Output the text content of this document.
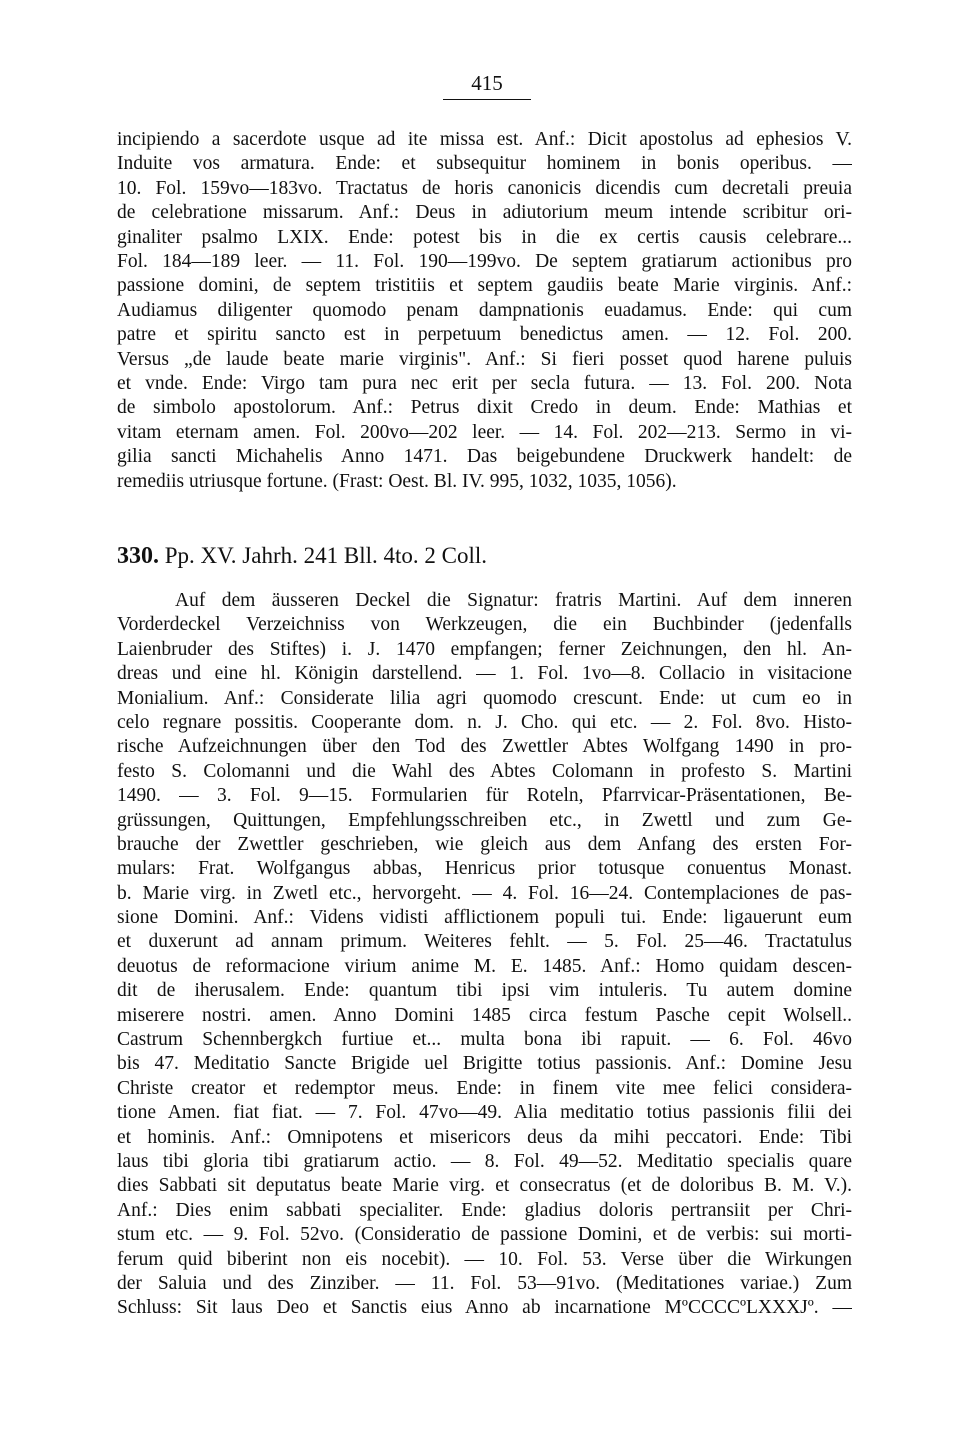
415
incipiendo a sacerdote usque ad ite missa est. Anf.: Dicit apostolus ad ephesios V.
Induite vos armatura. Ende: et subsequitur hominem in bonis operibus. —
10. Fol. 159vo—183vo. Tractatus de horis canonicis dicendis cum decretali preuia
de celebratione missarum. Anf.: Deus in adiutorium meum intende scribitur ori-
ginaliter psalmo LXIX. Ende: potest bis in die ex certis causis celebrare...
Fol. 184—189 leer. — 11. Fol. 190—199vo. De septem gratiarum actionibus pro
passione domini, de septem tristitiis et septem gaudiis beate Marie virginis. Anf.:
Audiamus diligenter quomodo penam dampnationis euadamus. Ende: qui cum
patre et spiritu sancto est in perpetuum benedictus amen. — 12. Fol. 200.
Versus „de laude beate marie virginis". Anf.: Si fieri posset quod harene puluis
et vnde. Ende: Virgo tam pura nec erit per secla futura. — 13. Fol. 200. Nota
de simbolo apostolorum. Anf.: Petrus dixit Credo in deum. Ende: Mathias et
vitam eternam amen. Fol. 200vo—202 leer. — 14. Fol. 202—213. Sermo in vi-
gilia sancti Michahelis Anno 1471. Das beigebundene Druckwerk handelt: de
remediis utriusque fortune. (Frast: Oest. Bl. IV. 995, 1032, 1035, 1056).
330. Pp. XV. Jahrh. 241 Bll. 4to. 2 Coll.
Auf dem äusseren Deckel die Signatur: fratris Martini. Auf dem inneren
Vorderdeckel Verzeichniss von Werkzeugen, die ein Buchbinder (jedenfalls
Laienbruder des Stiftes) i. J. 1470 empfangen; ferner Zeichnungen, den hl. An-
dreas und eine hl. Königin darstellend. — 1. Fol. 1vo—8. Collacio in visitacione
Monialium. Anf.: Considerate lilia agri quomodo crescunt. Ende: ut cum eo in
celo regnare possitis. Cooperante dom. n. J. Cho. qui etc. — 2. Fol. 8vo. Histo-
rische Aufzeichnungen über den Tod des Zwettler Abtes Wolfgang 1490 in pro-
festo S. Colomanni und die Wahl des Abtes Colomann in profesto S. Martini
1490. — 3. Fol. 9—15. Formularien für Roteln, Pfarrvicar-Präsentationen, Be-
grüssungen, Quittungen, Empfehlungsschreiben etc., in Zwettl und zum Ge-
brauche der Zwettler geschrieben, wie gleich aus dem Anfang des ersten For-
mulars: Frat. Wolfgangus abbas, Henricus prior totusque conuentus Monast.
b. Marie virg. in Zwetl etc., hervorgeht. — 4. Fol. 16—24. Contemplaciones de pas-
sione Domini. Anf.: Videns vidisti afflictionem populi tui. Ende: ligauerunt eum
et duxerunt ad annam primum. Weiteres fehlt. — 5. Fol. 25—46. Tractatulus
deuotus de reformacione virium anime M. E. 1485. Anf.: Homo quidam descen-
dit de iherusalem. Ende: quantum tibi ipsi vim intuleris. Tu autem domine
miserere nostri. amen. Anno Domini 1485 circa festum Pasche cepit Wolsell..
Castrum Schennbergkch furtiue et... multa bona ibi rapuit. — 6. Fol. 46vo
bis 47. Meditatio Sancte Brigide uel Brigitte totius passionis. Anf.: Domine Jesu
Christe creator et redemptor meus. Ende: in finem vite mee felici considera-
tione Amen. fiat fiat. — 7. Fol. 47vo—49. Alia meditatio totius passionis filii dei
et hominis. Anf.: Omnipotens et misericors deus da mihi peccatori. Ende: Tibi
laus tibi gloria tibi gratiarum actio. — 8. Fol. 49—52. Meditatio specialis quare
dies Sabbati sit deputatus beate Marie virg. et consecratus (et de doloribus B. M. V.).
Anf.: Dies enim sabbati specialiter. Ende: gladius doloris pertransiit per Chri-
stum etc. — 9. Fol. 52vo. (Consideratio de passione Domini, et de verbis: sui morti-
ferum quid biberint non eis nocebit). — 10. Fol. 53. Verse über die Wirkungen
der Saluia und des Zinziber. — 11. Fol. 53—91vo. (Meditationes variae.) Zum
Schluss: Sit laus Deo et Sanctis eius Anno ab incarnatione MºCCCCºLXXXJº. —
